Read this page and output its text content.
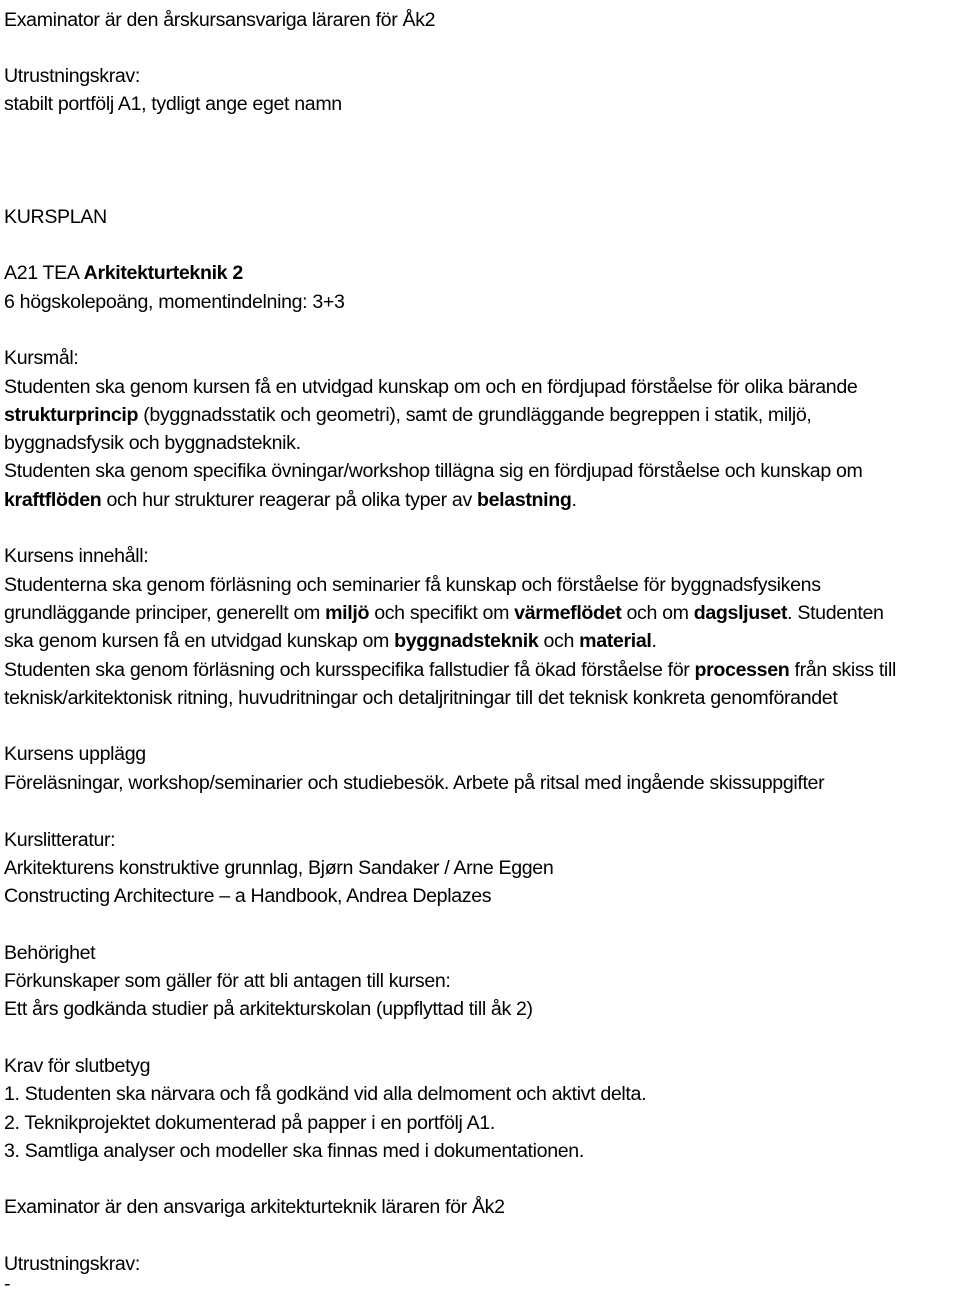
Examinator är den årskursansvariga läraren för Åk2
Utrustningskrav:
stabilt portfölj A1, tydligt ange eget namn
KURSPLAN
A21 TEA Arkitekturteknik 2
6 högskolepoäng, momentindelning: 3+3
Kursmål:
Studenten ska genom kursen få en utvidgad kunskap om och en fördjupad förståelse för olika bärande
strukturprincip (byggnadsstatik och geometri), samt de grundläggande begreppen i statik, miljö,
byggnadsfysik och byggnadsteknik.
Studenten ska genom specifika övningar/workshop tillägna sig en fördjupad förståelse och kunskap om
kraftflöden och hur strukturer reagerar på olika typer av belastning.
Kursens innehåll:
Studenterna ska genom förläsning och seminarier få kunskap och förståelse för byggnadsfysikens
grundläggande principer, generellt om miljö och specifikt om värmeflödet och om dagsljuset. Studenten
ska genom kursen få en utvidgad kunskap om byggnadsteknik och material.
Studenten ska genom förläsning och kursspecifika fallstudier få ökad förståelse för processen från skiss till
teknisk/arkitektonisk ritning, huvudritningar och detaljritningar till det teknisk konkreta genomförandet
Kursens upplägg
Föreläsningar, workshop/seminarier och studiebesök. Arbete på ritsal med ingående skissuppgifter
Kurslitteratur:
Arkitekturens konstruktive grunnlag, Bjørn Sandaker / Arne Eggen
Constructing Architecture – a Handbook, Andrea Deplazes
Behörighet
Förkunskaper som gäller för att bli antagen till kursen:
Ett års godkända studier på arkitekturskolan (uppflyttad till åk 2)
Krav för slutbetyg
1. Studenten ska närvara och få godkänd vid alla delmoment och aktivt delta.
2. Teknikprojektet dokumenterad på papper i en portfölj A1.
3. Samtliga analyser och modeller ska finnas med i dokumentationen.
Examinator är den ansvariga arkitekturteknik läraren för Åk2
Utrustningskrav:
-
